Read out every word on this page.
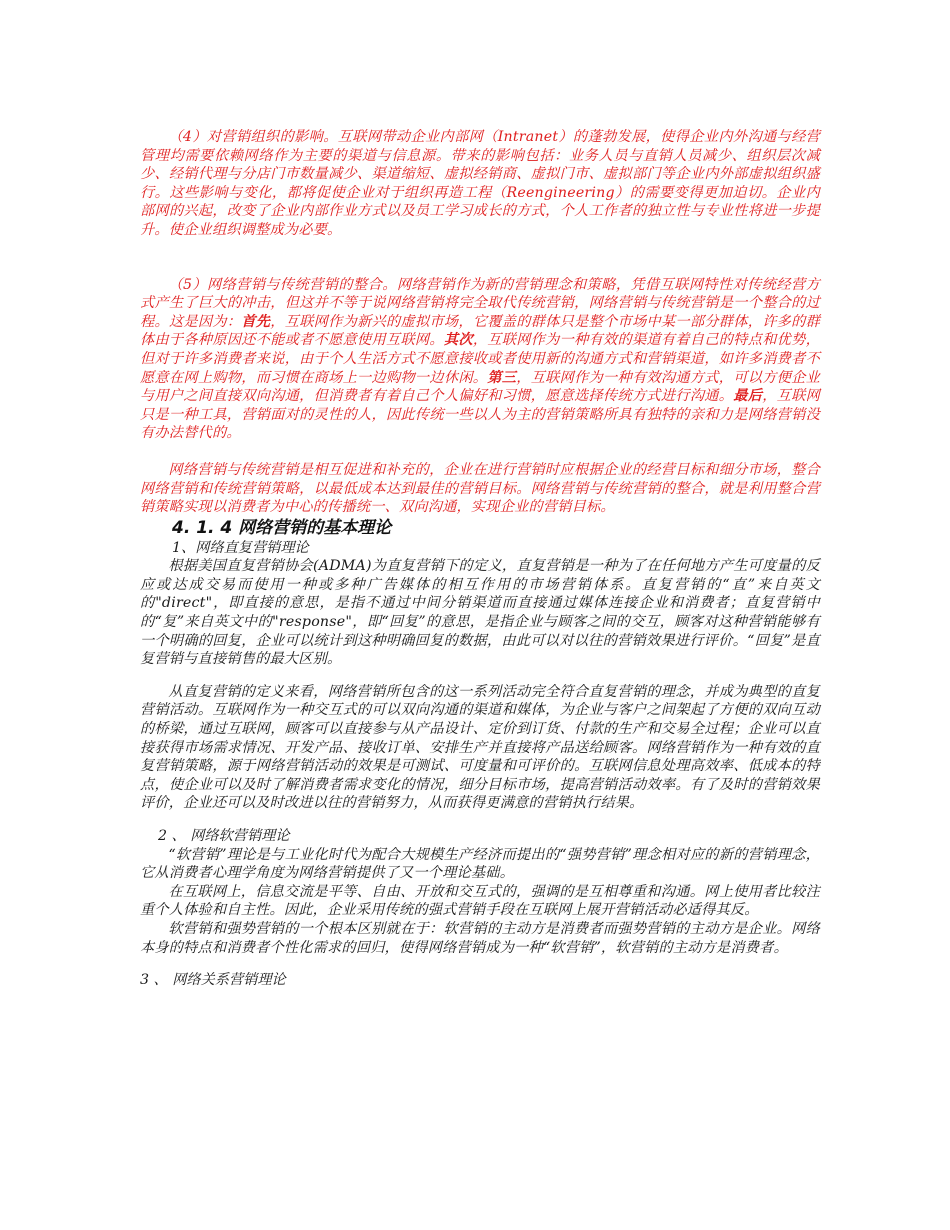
（4）对营销组织的影响。互联网带动企业内部网（Intranet）的蓬勃发展，使得企业内外沟通与经营管理均需要依赖网络作为主要的渠道与信息源。带来的影响包括：业务人员与直销人员减少、组织层次减少、经销代理与分店门市数量减少、渠道缩短、虚拟经销商、虚拟门市、虚拟部门等企业内外部虚拟组织盛行。这些影响与变化，都将促使企业对于组织再造工程（Reengineering）的需要变得更加迫切。企业内部网的兴起，改变了企业内部作业方式以及员工学习成长的方式，个人工作者的独立性与专业性将进一步提升。使企业组织调整成为必要。

（5）网络营销与传统营销的整合。网络营销作为新的营销理念和策略，凭借互联网特性对传统经营方式产生了巨大的冲击，但这并不等于说网络营销将完全取代传统营销，网络营销与传统营销是一个整合的过程。这是因为：首先，互联网作为新兴的虚拟市场，它覆盖的群体只是整个市场中某一部分群体，许多的群体由于各种原因还不能或者不愿意使用互联网。其次，互联网作为一种有效的渠道有着自己的特点和优势，但对于许多消费者来说，由于个人生活方式不愿意接收或者使用新的沟通方式和营销渠道，如许多消费者不愿意在网上购物，而习惯在商场上一边购物一边休闲。第三，互联网作为一种有效沟通方式，可以方便企业与用户之间直接双向沟通，但消费者有着自己个人偏好和习惯，愿意选择传统方式进行沟通。最后，互联网只是一种工具，营销面对的灵性的人，因此传统一些以人为主的营销策略所具有独特的亲和力是网络营销没有办法替代的。

网络营销与传统营销是相互促进和补充的，企业在进行营销时应根据企业的经营目标和细分市场，整合网络营销和传统营销策略，以最低成本达到最佳的营销目标。网络营销与传统营销的整合，就是利用整合营销策略实现以消费者为中心的传播统一、双向沟通，实现企业的营销目标。

4. 1. 4 网络营销的基本理论

1、网络直复营销理论

根据美国直复营销协会(ADMA)为直复营销下的定义，直复营销是一种为了在任何地方产生可度量的反应或达成交易而使用一种或多种广告媒体的相互作用的市场营销体系。直复营销的“直”来自英文的"direct"，即直接的意思，是指不通过中间分销渠道而直接通过媒体连接企业和消费者；直复营销中的“复”来自英文中的"response"，即“回复”的意思，是指企业与顾客之间的交互，顾客对这种营销能够有一个明确的回复，企业可以统计到这种明确回复的数据，由此可以对以往的营销效果进行评价。“回复”是直复营销与直接销售的最大区别。

从直复营销的定义来看，网络营销所包含的这一系列活动完全符合直复营销的理念，并成为典型的直复营销活动。互联网作为一种交互式的可以双向沟通的渠道和媒体，为企业与客户之间架起了方便的双向互动的桥梁，通过互联网，顾客可以直接参与从产品设计、定价到订货、付款的生产和交易全过程；企业可以直接获得市场需求情况、开发产品、接收订单、安排生产并直接将产品送给顾客。网络营销作为一种有效的直复营销策略，源于网络营销活动的效果是可测试、可度量和可评价的。互联网信息处理高效率、低成本的特点，使企业可以及时了解消费者需求变化的情况，细分目标市场，提高营销活动效率。有了及时的营销效果评价，企业还可以及时改进以往的营销努力，从而获得更满意的营销执行结果。

2 、 网络软营销理论

“软营销”理论是与工业化时代为配合大规模生产经济而提出的“强势营销”理念相对应的新的营销理念，它从消费者心理学角度为网络营销提供了又一个理论基础。

在互联网上，信息交流是平等、自由、开放和交互式的，强调的是互相尊重和沟通。网上使用者比较注重个人体验和自主性。因此，企业采用传统的强式营销手段在互联网上展开营销活动必适得其反。

软营销和强势营销的一个根本区别就在于：软营销的主动方是消费者而强势营销的主动方是企业。网络本身的特点和消费者个性化需求的回归，使得网络营销成为一种“软营销”，软营销的主动方是消费者。

3 、 网络关系营销理论
